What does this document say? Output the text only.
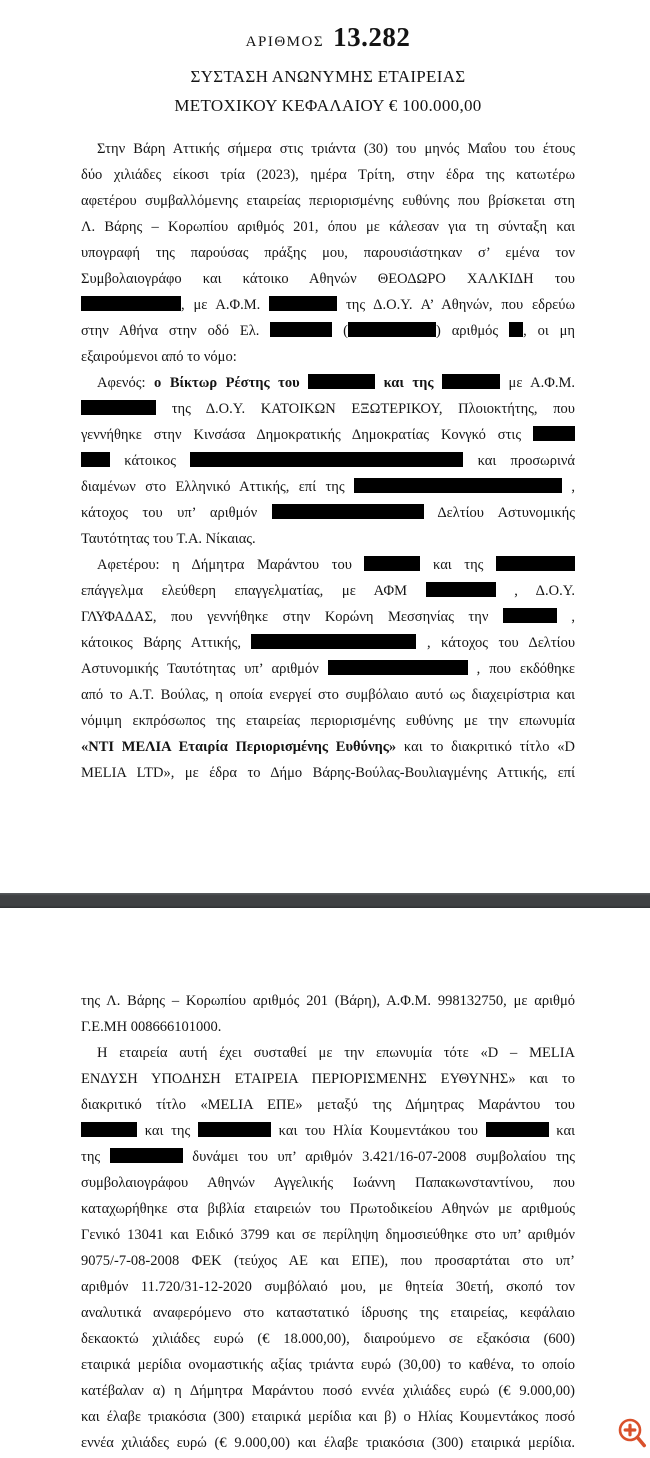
ΑΡΙΘΜΟΣ 13.282
ΣΥΣΤΑΣΗ ΑΝΩΝΥΜΗΣ ΕΤΑΙΡΕΙΑΣ
ΜΕΤΟΧΙΚΟΥ ΚΕΦΑΛΑΙΟΥ € 100.000,00
Στην Βάρη Αττικής σήμερα στις τριάντα (30) του μηνός Μαΐου του έτους
δύο χιλιάδες είκοσι τρία (2023), ημέρα Τρίτη, στην έδρα της κατωτέρω
αφετέρου συμβαλλόμενης εταιρείας περιορισμένης ευθύνης που βρίσκεται στη
Λ. Βάρης – Κορωπίου αριθμός 201, όπου με κάλεσαν για τη σύνταξη και
υπογραφή της παρούσας πράξης μου, παρουσιάστηκαν σ’ εμένα τον
Συμβολαιογράφο και κάτοικο Αθηνών ΘΕΟΔΩΡΟ ΧΑΛΚΙΔΗ του
, με Α.Φ.Μ.	της Δ.Ο.Υ. Α’ Αθηνών, που εδρεύω
στην Αθήνα στην οδό Ελ.	(	) αριθμός , οι μη
εξαιρούμενοι από το νόμο:
Αφενός: ο Βίκτωρ Ρέστης του	και της	με Α.Φ.Μ.
της Δ.Ο.Υ. ΚΑΤΟΙΚΩΝ ΕΞΩΤΕΡΙΚΟΥ, Πλοιοκτήτης, που
γεννήθηκε στην Κινσάσα Δημοκρατικής Δημοκρατίας Κονγκό στις
κάτοικος	και προσωρινά
διαμένων στο Ελληνικό Αττικής, επί της	,
κάτοχος του υπ’ αριθμόν	Δελτίου Αστυνομικής
Ταυτότητας του Τ.Α. Νίκαιας.
Αφετέρου: η Δήμητρα Μαράντου του	και της
επάγγελμα ελεύθερη επαγγελματίας, με ΑΦΜ	, Δ.Ο.Υ.
ΓΛΥΦΑΔΑΣ, που γεννήθηκε στην Κορώνη Μεσσηνίας την	,
κάτοικος Βάρης Αττικής,	, κάτοχος του Δελτίου
Αστυνομικής Ταυτότητας υπ’ αριθμόν	, που εκδόθηκε
από το Α.Τ. Βούλας, η οποία ενεργεί στο συμβόλαιο αυτό ως διαχειρίστρια και
νόμιμη εκπρόσωπος της εταιρείας περιορισμένης ευθύνης με την επωνυμία
«ΝΤΙ ΜΕΛΙΑ Εταιρία Περιορισμένης Ευθύνης» και το διακριτικό τίτλο «D
MELIA LTD», με έδρα το Δήμο Βάρης-Βούλας-Βουλιαγμένης Αττικής, επί
της Λ. Βάρης – Κορωπίου αριθμός 201 (Βάρη), Α.Φ.Μ. 998132750, με αριθμό
Γ.Ε.ΜΗ 008666101000.
Η εταιρεία αυτή έχει συσταθεί με την επωνυμία τότε «D – MELIA
ΕΝΔΥΣΗ ΥΠΟΔΗΣΗ ΕΤΑΙΡΕΙΑ ΠΕΡΙΟΡΙΣΜΕΝΗΣ ΕΥΘΥΝΗΣ» και το
διακριτικό τίτλο «MELIA ΕΠΕ» μεταξύ της Δήμητρας Μαράντου του
και της	και του Ηλία Κουμεντάκου του	και
της	δυνάμει του υπ’ αριθμόν 3.421/16-07-2008 συμβολαίου της
συμβολαιογράφου Αθηνών Αγγελικής Ιωάννη Παπακωνσταντίνου, που
καταχωρήθηκε στα βιβλία εταιρειών του Πρωτοδικείου Αθηνών με αριθμούς
Γενικό 13041 και Ειδικό 3799 και σε περίληψη δημοσιεύθηκε στο υπ’ αριθμόν
9075/-7-08-2008 ΦΕΚ (τεύχος ΑΕ και ΕΠΕ), που προσαρτάται στο υπ’
αριθμόν 11.720/31-12-2020 συμβόλαιό μου, με θητεία 30ετή, σκοπό τον
αναλυτικά αναφερόμενο στο καταστατικό ίδρυσης της εταιρείας, κεφάλαιο
δεκαοκτώ χιλιάδες ευρώ (€ 18.000,00), διαιρούμενο σε εξακόσια (600)
εταιρικά μερίδια ονομαστικής αξίας τριάντα ευρώ (30,00) το καθένα, το οποίο
κατέβαλαν α) η Δήμητρα Μαράντου ποσό εννέα χιλιάδες ευρώ (€ 9.000,00)
και έλαβε τριακόσια (300) εταιρικά μερίδια και β) ο Ηλίας Κουμεντάκος ποσό
εννέα χιλιάδες ευρώ (€ 9.000,00) και έλαβε τριακόσια (300) εταιρικά μερίδια.
